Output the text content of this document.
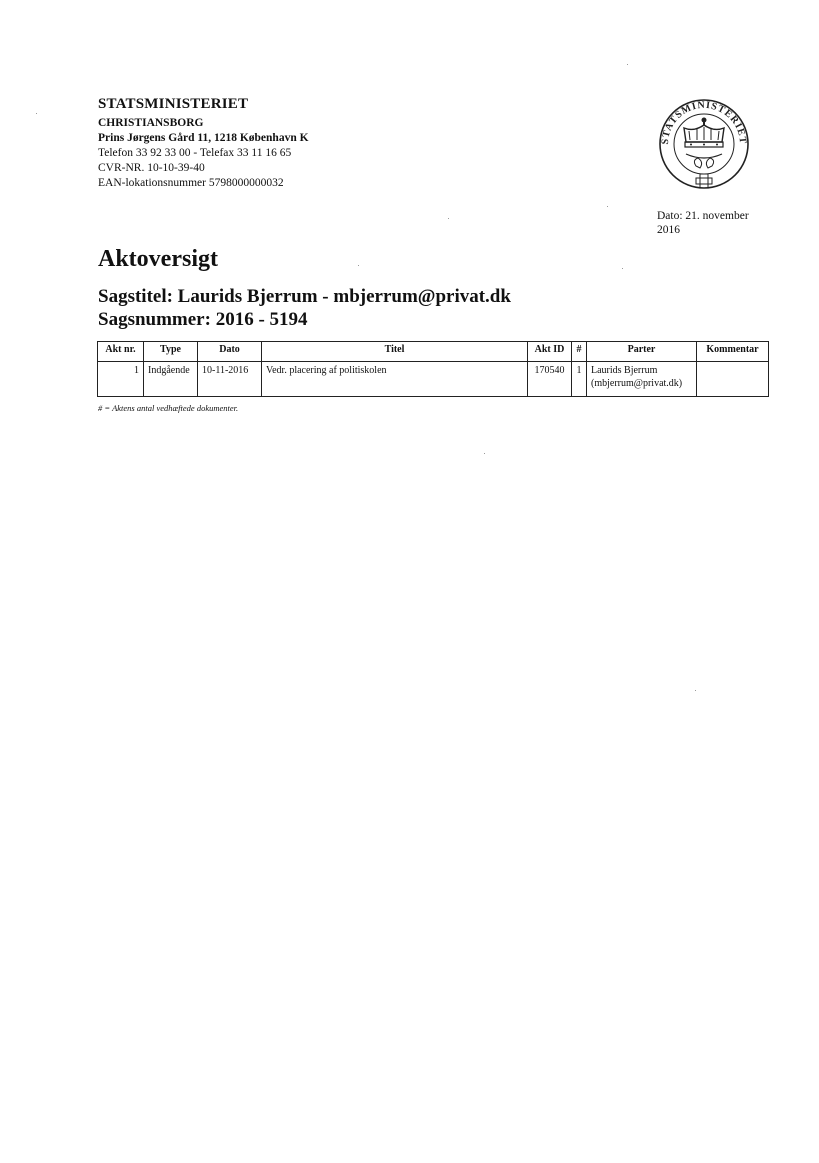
STATSMINISTERIET
CHRISTIANSBORG
Prins Jørgens Gård 11, 1218 København K
Telefon 33 92 33 00 - Telefax 33 11 16 65
CVR-NR. 10-10-39-40
EAN-lokationsnummer 5798000000032
STATSMINISTERIET
Dato: 21. november
2016
Aktoversigt
Sagstitel: Laurids Bjerrum - mbjerrum@privat.dk
Sagsnummer: 2016 - 5194
Akt nr.	Type	Dato	Titel	Akt ID	#	Parter	Kommentar
1	Indgående	10-11-2016	Vedr. placering af politiskolen	170540	1	Laurids Bjerrum
(mbjerrum@privat.dk)	

# = Aktens antal vedhæftede dokumenter.
